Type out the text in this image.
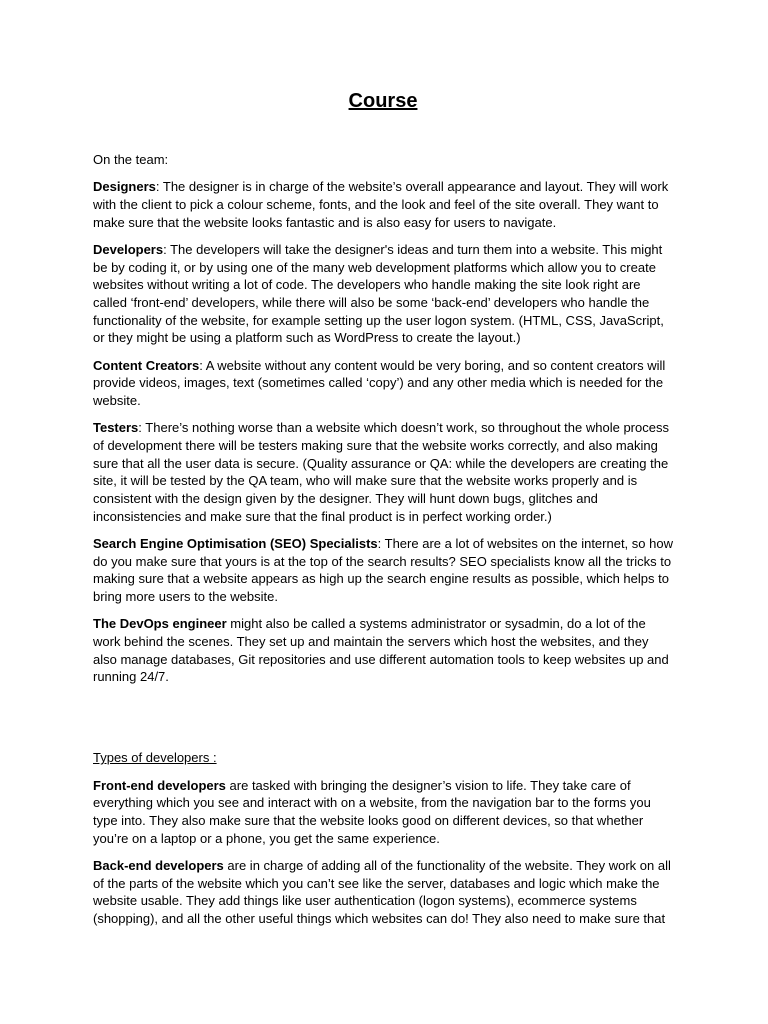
Course

On the team:

Designers: The designer is in charge of the website’s overall appearance and layout. They will work with the client to pick a colour scheme, fonts, and the look and feel of the site overall. They want to make sure that the website looks fantastic and is also easy for users to navigate.

Developers: The developers will take the designer's ideas and turn them into a website. This might be by coding it, or by using one of the many web development platforms which allow you to create websites without writing a lot of code. The developers who handle making the site look right are called ‘front-end’ developers, while there will also be some ‘back-end’ developers who handle the functionality of the website, for example setting up the user logon system. (HTML, CSS, JavaScript, or they might be using a platform such as WordPress to create the layout.)

Content Creators: A website without any content would be very boring, and so content creators will provide videos, images, text (sometimes called ‘copy’) and any other media which is needed for the website.

Testers: There’s nothing worse than a website which doesn’t work, so throughout the whole process of development there will be testers making sure that the website works correctly, and also making sure that all the user data is secure. (Quality assurance or QA: while the developers are creating the site, it will be tested by the QA team, who will make sure that the website works properly and is consistent with the design given by the designer. They will hunt down bugs, glitches and inconsistencies and make sure that the final product is in perfect working order.)

Search Engine Optimisation (SEO) Specialists: There are a lot of websites on the internet, so how do you make sure that yours is at the top of the search results? SEO specialists know all the tricks to making sure that a website appears as high up the search engine results as possible, which helps to bring more users to the website.

The DevOps engineer might also be called a systems administrator or sysadmin, do a lot of the work behind the scenes. They set up and maintain the servers which host the websites, and they also manage databases, Git repositories and use different automation tools to keep websites up and running 24/7.

Types of developers :

Front-end developers are tasked with bringing the designer’s vision to life. They take care of everything which you see and interact with on a website, from the navigation bar to the forms you type into. They also make sure that the website looks good on different devices, so that whether you’re on a laptop or a phone, you get the same experience.

Back-end developers are in charge of adding all of the functionality of the website. They work on all of the parts of the website which you can’t see like the server, databases and logic which make the website usable. They add things like user authentication (logon systems), ecommerce systems (shopping), and all the other useful things which websites can do! They also need to make sure that
